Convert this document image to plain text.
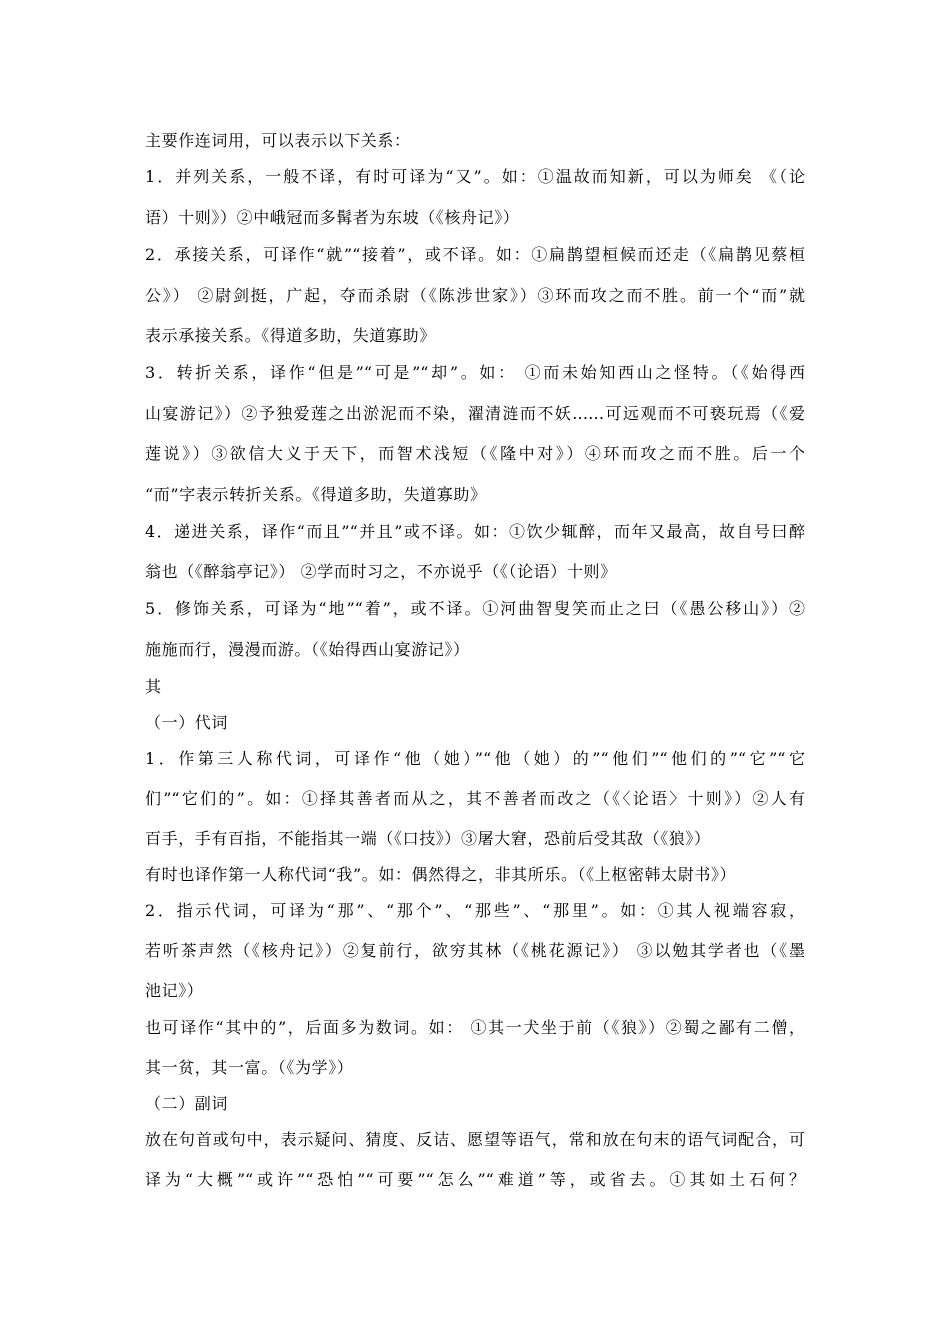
主要作连词用，可以表示以下关系：
1．并列关系，一般不译，有时可译为“又”。如：①温故而知新，可以为师矣 《（论
语）十则》）②中峨冠而多髯者为东坡（《核舟记》）
2．承接关系，可译作“就”“接着”，或不译。如：①扁鹊望桓候而还走（《扁鹊见蔡桓
公》） ②尉剑挺，广起，夺而杀尉（《陈涉世家》）③环而攻之而不胜。前一个“而”就
表示承接关系。《得道多助，失道寡助》
3．转折关系，译作“但是”“可是”“却”。如： ①而未始知西山之怪特。（《始得西
山宴游记》）②予独爱莲之出淤泥而不染，濯清涟而不妖……可远观而不可亵玩焉（《爱
莲说》）③欲信大义于天下，而智术浅短（《隆中对》）④环而攻之而不胜。后一个
“而”字表示转折关系。《得道多助，失道寡助》
4．递进关系，译作“而且”“并且”或不译。如：①饮少辄醉，而年又最高，故自号曰醉
翁也（《醉翁亭记》） ②学而时习之，不亦说乎（《（论语）十则》
5．修饰关系，可译为“地”“着”，或不译。①河曲智叟笑而止之曰（《愚公移山》）②
施施而行，漫漫而游。（《始得西山宴游记》）
其
（一）代词
1．作第三人称代词，可译作“他（她）”“他（她）的”“他们”“他们的”“它”“它
们”“它们的”。如：①择其善者而从之，其不善者而改之（《〈论语〉十则》）②人有
百手，手有百指，不能指其一端（《口技》）③屠大窘，恐前后受其敌（《狼》）
有时也译作第一人称代词“我”。如：偶然得之，非其所乐。（《上枢密韩太尉书》）
2．指示代词，可译为“那”、“那个”、“那些”、“那里”。如：①其人视端容寂，
若听茶声然（《核舟记》）②复前行，欲穷其林（《桃花源记》） ③以勉其学者也（《墨
池记》）
也可译作“其中的”，后面多为数词。如： ①其一犬坐于前（《狼》）②蜀之鄙有二僧，
其一贫，其一富。（《为学》）
（二）副词
放在句首或句中，表示疑问、猜度、反诘、愿望等语气，常和放在句末的语气词配合，可
译为“大概”“或许”“恐怕”“可要”“怎么”“难道”等，或省去。①其如土石何？
